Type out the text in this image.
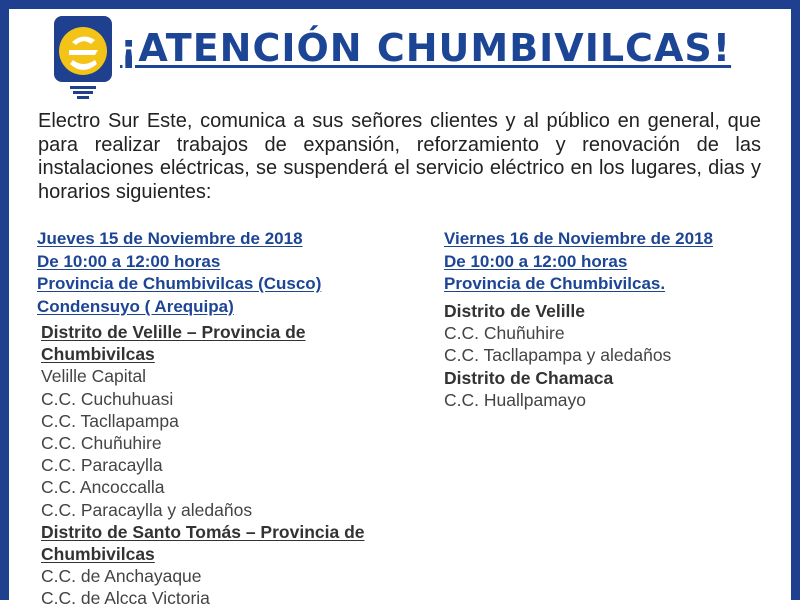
¡ATENCIÓN CHUMBIVILCAS!

Electro Sur Este, comunica a sus señores clientes y al público en general, que para realizar trabajos de expansión, reforzamiento y renovación de las instalaciones eléctricas, se suspenderá el servicio eléctrico en los lugares, dias y horarios siguientes:

Jueves 15 de Noviembre de 2018
De 10:00 a 12:00 horas
Provincia de Chumbivilcas (Cusco)
Condensuyo ( Arequipa)
Distrito de Velille – Provincia de
Chumbivilcas
Velille Capital
C.C. Cuchuhuasi
C.C. Tacllapampa
C.C. Chuñuhire
C.C. Paracaylla
C.C. Ancoccalla
C.C. Paracaylla y aledaños
Distrito de Santo Tomás – Provincia de
Chumbivilcas
C.C. de Anchayaque
C.C. de Alcca Victoria
Viernes 16 de Noviembre de 2018
De 10:00 a 12:00 horas
Provincia de Chumbivilcas.
Distrito de Velille
C.C. Chuñuhire
C.C. Tacllapampa y aledaños
Distrito de Chamaca
C.C. Huallpamayo
